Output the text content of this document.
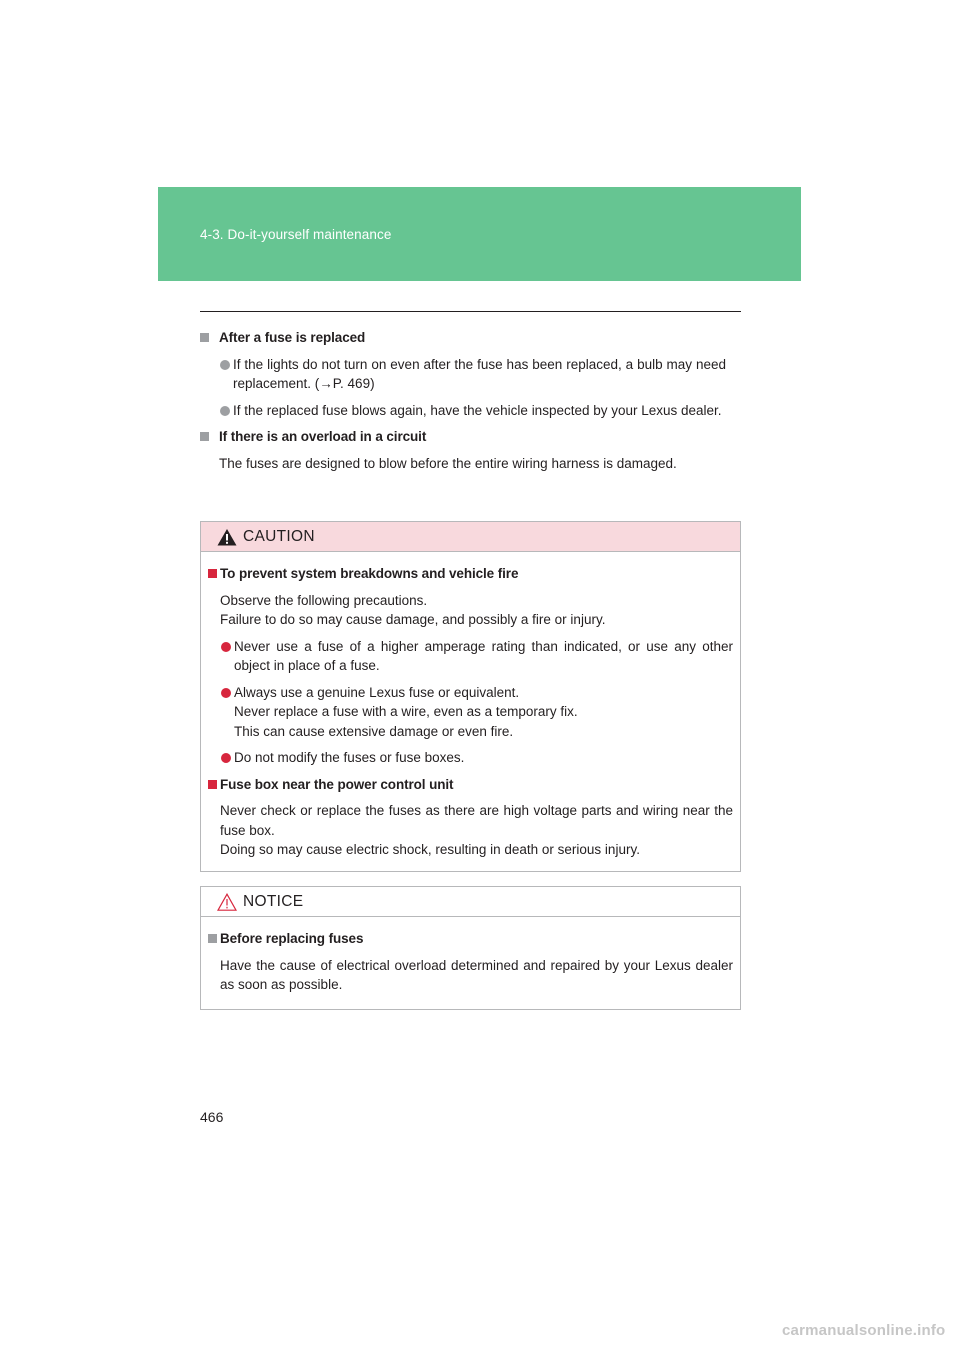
4-3. Do-it-yourself maintenance
After a fuse is replaced
If the lights do not turn on even after the fuse has been replaced, a bulb may need replacement. (→P. 469)
If the replaced fuse blows again, have the vehicle inspected by your Lexus dealer.
If there is an overload in a circuit
The fuses are designed to blow before the entire wiring harness is damaged.
CAUTION
To prevent system breakdowns and vehicle fire
Observe the following precautions.
Failure to do so may cause damage, and possibly a fire or injury.
Never use a fuse of a higher amperage rating than indicated, or use any other object in place of a fuse.
Always use a genuine Lexus fuse or equivalent.
Never replace a fuse with a wire, even as a temporary fix.
This can cause extensive damage or even fire.
Do not modify the fuses or fuse boxes.
Fuse box near the power control unit
Never check or replace the fuses as there are high voltage parts and wiring near the fuse box.
Doing so may cause electric shock, resulting in death or serious injury.
NOTICE
Before replacing fuses
Have the cause of electrical overload determined and repaired by your Lexus dealer as soon as possible.
466
carmanualsonline.info
